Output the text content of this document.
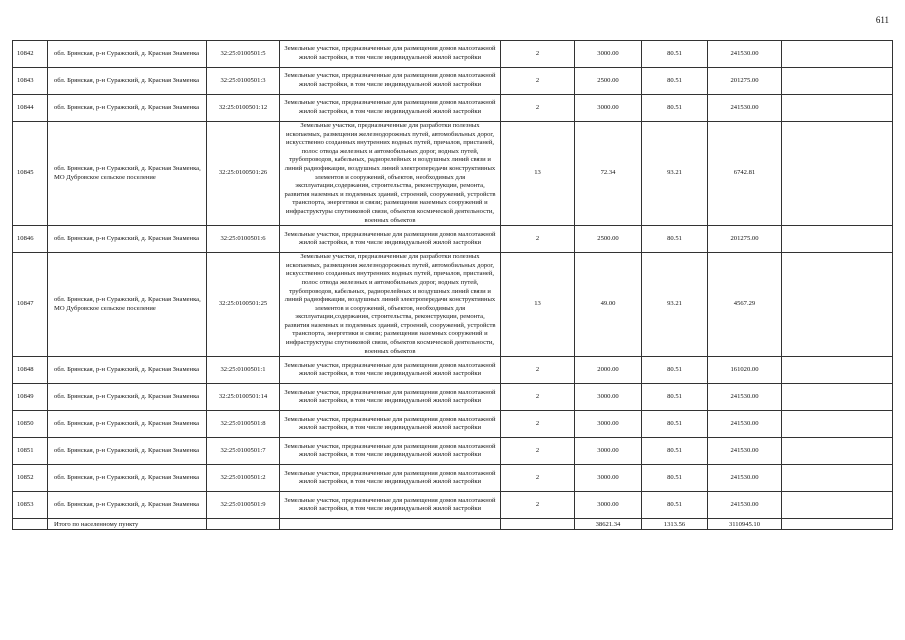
611
10842	обл. Брянская, р-н Суражский, д. Красная Знаменка	32:25:0100501:5	Земельные участки, предназначенные для размещения домов малоэтажной жилой застройки, в том числе индивидуальной жилой застройки	2	3000.00	80.51	241530.00	
10843	обл. Брянская, р-н Суражский, д. Красная Знаменка	32:25:0100501:3	Земельные участки, предназначенные для размещения домов малоэтажной жилой застройки, в том числе индивидуальной жилой застройки	2	2500.00	80.51	201275.00	
10844	обл. Брянская, р-н Суражский, д. Красная Знаменка	32:25:0100501:12	Земельные участки, предназначенные для размещения домов малоэтажной жилой застройки, в том числе индивидуальной жилой застройки	2	3000.00	80.51	241530.00	
10845	обл. Брянская, р-н Суражский, д. Красная Знаменка, МО Дубровское сельское поселение	32:25:0100501:26	Земельные участки, предназначенные для разработки полезных ископаемых, размещения железнодорожных путей, автомобильных дорог, искусственно созданных внутренних водных путей, причалов, пристаней, полос отвода железных и автомобильных дорог, водных путей, трубопроводов, кабельных, радиорелейных и воздушных линий связи и линий радиофикации, воздушных линий электропередачи конструктивных элементов и сооружений, объектов, необходимых для эксплуатации,содержания, строительства, реконструкции, ремонта, развития наземных и подземных зданий, строений, сооружений, устройств транспорта, энергетики и связи; размещения наземных сооружений и инфраструктуры спутниковой связи, объектов космической деятельности, военных объектов	13	72.34	93.21	6742.81	
10846	обл. Брянская, р-н Суражский, д. Красная Знаменка	32:25:0100501:6	Земельные участки, предназначенные для размещения домов малоэтажной жилой застройки, в том числе индивидуальной жилой застройки	2	2500.00	80.51	201275.00	
10847	обл. Брянская, р-н Суражский, д. Красная Знаменка, МО Дубровское сельское поселение	32:25:0100501:25	Земельные участки, предназначенные для разработки полезных ископаемых, размещения железнодорожных путей, автомобильных дорог, искусственно созданных внутренних водных путей, причалов, пристаней, полос отвода железных и автомобильных дорог, водных путей, трубопроводов, кабельных, радиорелейных и воздушных линий связи и линий радиофикации, воздушных линий электропередачи конструктивных элементов и сооружений, объектов, необходимых для эксплуатации,содержания, строительства, реконструкции, ремонта, развития наземных и подземных зданий, строений, сооружений, устройств транспорта, энергетики и связи; размещения наземных сооружений и инфраструктуры спутниковой связи, объектов космической деятельности, военных объектов	13	49.00	93.21	4567.29	
10848	обл. Брянская, р-н Суражский, д. Красная Знаменка	32:25:0100501:1	Земельные участки, предназначенные для размещения домов малоэтажной жилой застройки, в том числе индивидуальной жилой застройки	2	2000.00	80.51	161020.00	
10849	обл. Брянская, р-н Суражский, д. Красная Знаменка	32:25:0100501:14	Земельные участки, предназначенные для размещения домов малоэтажной жилой застройки, в том числе индивидуальной жилой застройки	2	3000.00	80.51	241530.00	
10850	обл. Брянская, р-н Суражский, д. Красная Знаменка	32:25:0100501:8	Земельные участки, предназначенные для размещения домов малоэтажной жилой застройки, в том числе индивидуальной жилой застройки	2	3000.00	80.51	241530.00	
10851	обл. Брянская, р-н Суражский, д. Красная Знаменка	32:25:0100501:7	Земельные участки, предназначенные для размещения домов малоэтажной жилой застройки, в том числе индивидуальной жилой застройки	2	3000.00	80.51	241530.00	
10852	обл. Брянская, р-н Суражский, д. Красная Знаменка	32:25:0100501:2	Земельные участки, предназначенные для размещения домов малоэтажной жилой застройки, в том числе индивидуальной жилой застройки	2	3000.00	80.51	241530.00	
10853	обл. Брянская, р-н Суражский, д. Красная Знаменка	32:25:0100501:9	Земельные участки, предназначенные для размещения домов малоэтажной жилой застройки, в том числе индивидуальной жилой застройки	2	3000.00	80.51	241530.00	
	Итого по населенному пункту				38621.34	1313.56	3110945.10	
